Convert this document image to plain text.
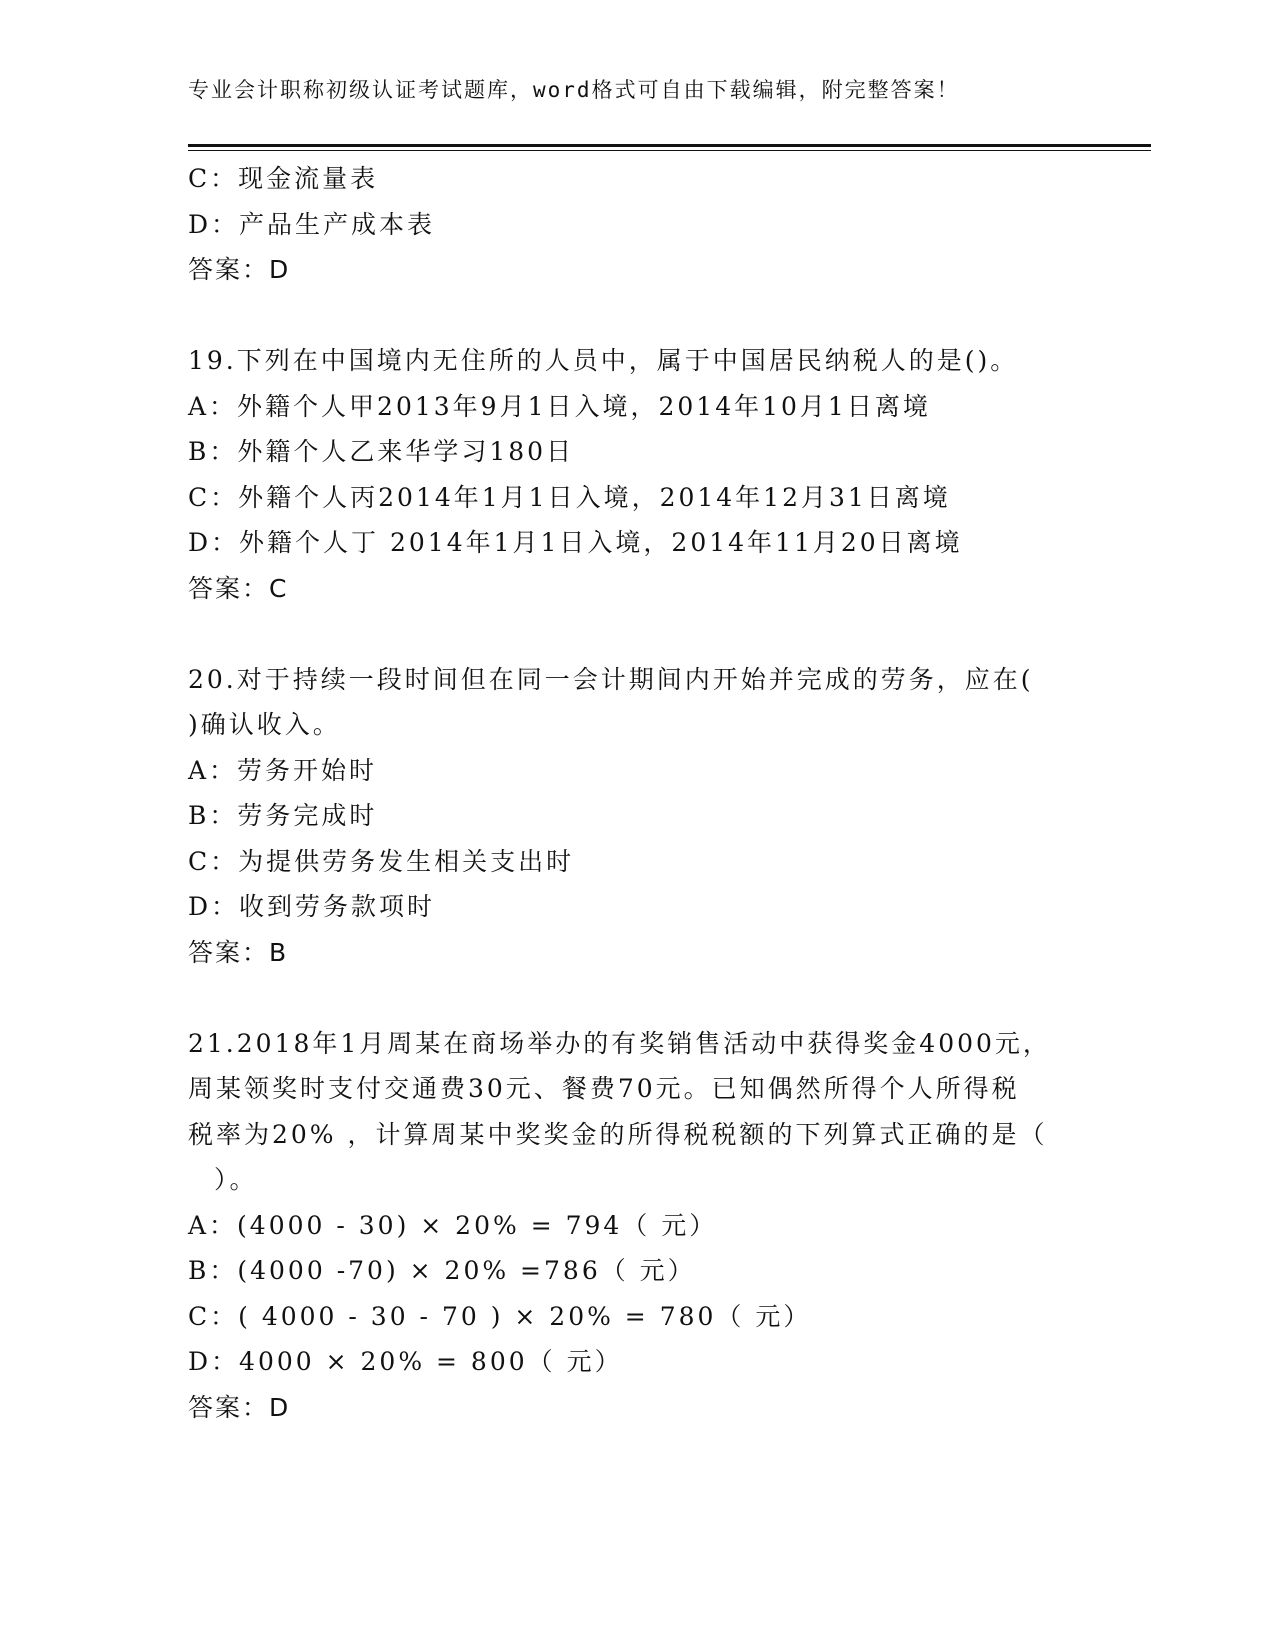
专业会计职称初级认证考试题库，word格式可自由下载编辑，附完整答案！
C：现金流量表
D：产品生产成本表
答案：D
19.下列在中国境内无住所的人员中，属于中国居民纳税人的是()。
A：外籍个人甲2013年9月1日入境，2014年10月1日离境
B：外籍个人乙来华学习180日
C：外籍个人丙2014年1月1日入境，2014年12月31日离境
D：外籍个人丁 2014年1月1日入境，2014年11月20日离境
答案：C
20.对于持续一段时间但在同一会计期间内开始并完成的劳务，应在(
)确认收入。
A：劳务开始时
B：劳务完成时
C：为提供劳务发生相关支出时
D：收到劳务款项时
答案：B
21.2018年1月周某在商场举办的有奖销售活动中获得奖金4000元，
周某领奖时支付交通费30元、餐费70元。已知偶然所得个人所得税
税率为20% ，计算周某中奖奖金的所得税税额的下列算式正确的是（
）。
A：(4000 - 30) × 20% = 794（ 元）
B：(4000 -70) × 20% =786（ 元）
C：( 4000 - 30 - 70 ) × 20% = 780（ 元）
D：4000 × 20% = 800（ 元）
答案：D
